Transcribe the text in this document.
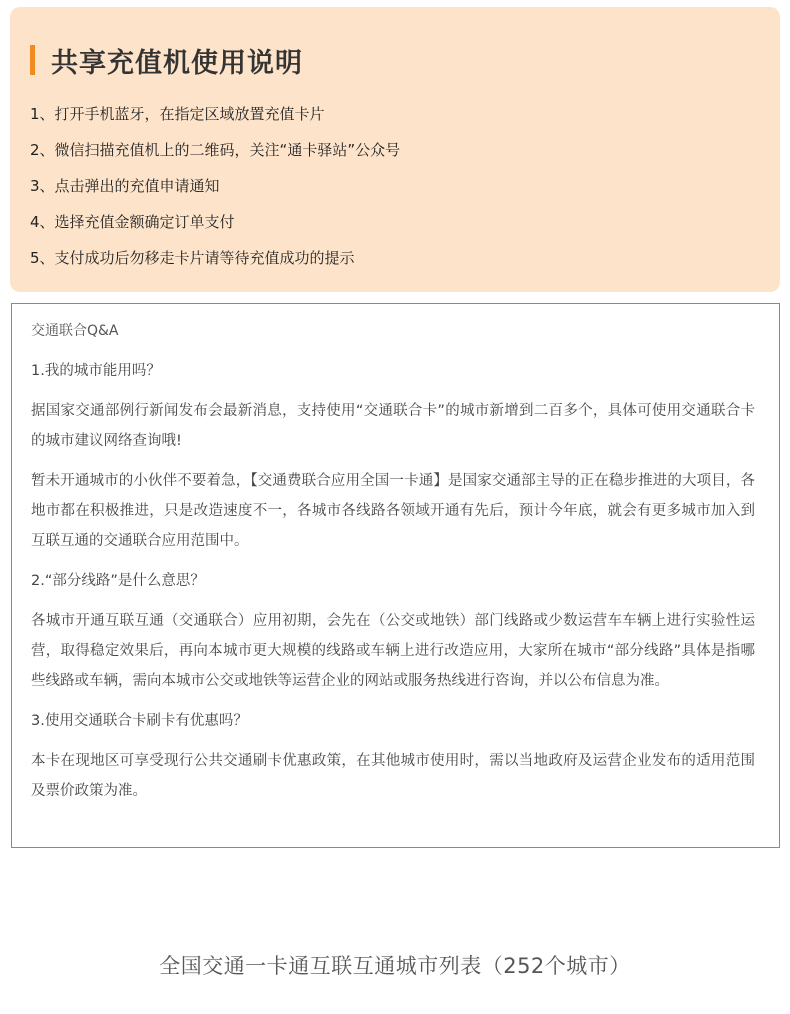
共享充值机使用说明
1、打开手机蓝牙，在指定区域放置充值卡片
2、微信扫描充值机上的二维码，关注“通卡驿站”公众号
3、点击弹出的充值申请通知
4、选择充值金额确定订单支付
5、支付成功后勿移走卡片请等待充值成功的提示

交通联合Q&A

1.我的城市能用吗？

据国家交通部例行新闻发布会最新消息，支持使用“交通联合卡”的城市新增到二百多个，具体可使用交通联合卡的城市建议网络查询哦!

暂未开通城市的小伙伴不要着急，【交通费联合应用全国一卡通】是国家交通部主导的正在稳步推进的大项目，各地市都在积极推进，只是改造速度不一，各城市各线路各领域开通有先后，预计今年底，就会有更多城市加入到互联互通的交通联合应用范围中。

2.“部分线路”是什么意思？

各城市开通互联互通（交通联合）应用初期，会先在（公交或地铁）部门线路或少数运营车车辆上进行实验性运营，取得稳定效果后，再向本城市更大规模的线路或车辆上进行改造应用，大家所在城市“部分线路”具体是指哪些线路或车辆，需向本城市公交或地铁等运营企业的网站或服务热线进行咨询，并以公布信息为准。

3.使用交通联合卡刷卡有优惠吗？

本卡在现地区可享受现行公共交通刷卡优惠政策，在其他城市使用时，需以当地政府及运营企业发布的适用范围及票价政策为准。

全国交通一卡通互联互通城市列表（252个城市）
